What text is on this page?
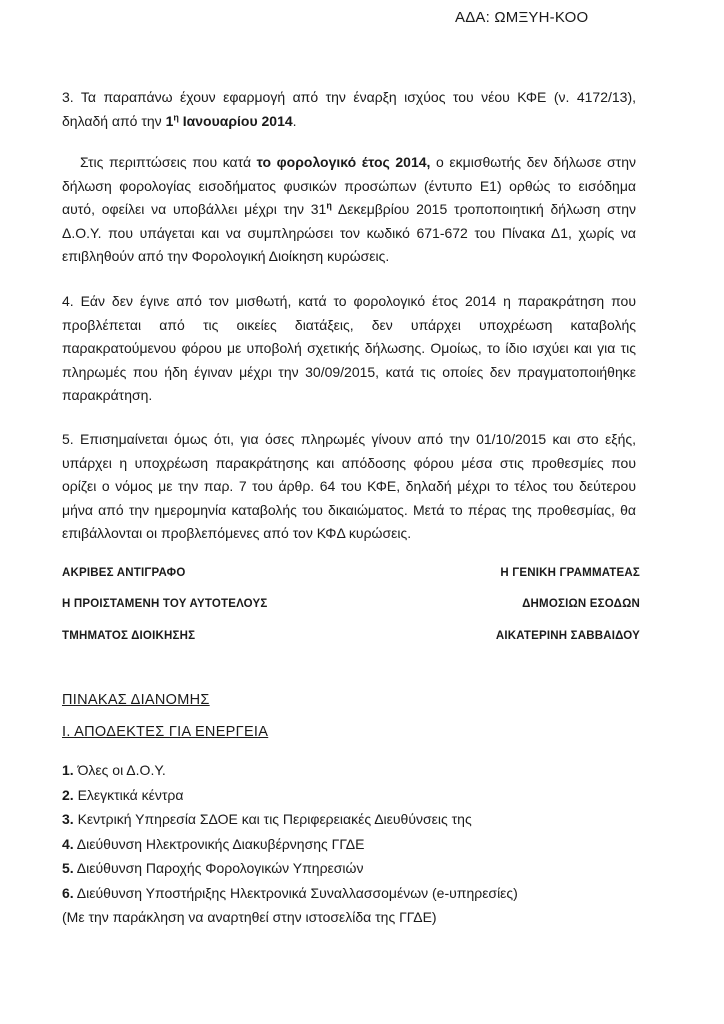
ΑΔΑ: ΩΜΞΥΗ-ΚΟΟ
3. Τα παραπάνω έχουν εφαρμογή από την έναρξη ισχύος του νέου ΚΦΕ (ν. 4172/13), δηλαδή από την $1^\eta$ Ιανουαρίου 2014.
Στις περιπτώσεις που κατά το φορολογικό έτος 2014, ο εκμισθωτής δεν δήλωσε στην δήλωση φορολογίας εισοδήματος φυσικών προσώπων (έντυπο Ε1) ορθώς το εισόδημα αυτό, οφείλει να υποβάλλει μέχρι την $31^\eta$ Δεκεμβρίου 2015 τροποποιητική δήλωση στην Δ.Ο.Υ. που υπάγεται και να συμπληρώσει τον κωδικό 671-672 του Πίνακα Δ1, χωρίς να επιβληθούν από την Φορολογική Διοίκηση κυρώσεις.
4. Εάν δεν έγινε από τον μισθωτή, κατά το φορολογικό έτος 2014 η παρακράτηση που προβλέπεται από τις οικείες διατάξεις, δεν υπάρχει υποχρέωση καταβολής παρακρατούμενου φόρου με υποβολή σχετικής δήλωσης. Ομοίως, το ίδιο ισχύει και για τις πληρωμές που ήδη έγιναν μέχρι την 30/09/2015, κατά τις οποίες δεν πραγματοποιήθηκε παρακράτηση.
5. Επισημαίνεται όμως ότι, για όσες πληρωμές γίνουν από την 01/10/2015 και στο εξής, υπάρχει η υποχρέωση παρακράτησης και απόδοσης φόρου μέσα στις προθεσμίες που ορίζει ο νόμος με την παρ. 7 του άρθρ. 64 του ΚΦΕ, δηλαδή μέχρι το τέλος του δεύτερου μήνα από την ημερομηνία καταβολής του δικαιώματος. Μετά το πέρας της προθεσμίας, θα επιβάλλονται οι προβλεπόμενες από τον ΚΦΔ κυρώσεις.
ΑΚΡΙΒΕΣ ΑΝΤΙΓΡΑΦΟ
Η ΠΡΟΙΣΤΑΜΕΝΗ ΤΟΥ ΑΥΤΟΤΕΛΟΥΣ
ΤΜΗΜΑΤΟΣ ΔΙΟΙΚΗΣΗΣ
Η ΓΕΝΙΚΗ ΓΡΑΜΜΑΤΕΑΣ
ΔΗΜΟΣΙΩΝ ΕΣΟΔΩΝ
ΑΙΚΑΤΕΡΙΝΗ ΣΑΒΒΑΙΔΟΥ
ΠΙΝΑΚΑΣ ΔΙΑΝΟΜΗΣ
Ι. ΑΠΟΔΕΚΤΕΣ ΓΙΑ ΕΝΕΡΓΕΙΑ
1. Όλες οι Δ.Ο.Υ.
2. Ελεγκτικά κέντρα
3. Κεντρική Υπηρεσία ΣΔΟΕ και τις Περιφερειακές Διευθύνσεις της
4. Διεύθυνση Ηλεκτρονικής Διακυβέρνησης ΓΓΔΕ
5. Διεύθυνση Παροχής Φορολογικών Υπηρεσιών
6. Διεύθυνση Υποστήριξης Ηλεκτρονικά Συναλλασσομένων (e-υπηρεσίες)
(Με την παράκληση να αναρτηθεί στην ιστοσελίδα της ΓΓΔΕ)
